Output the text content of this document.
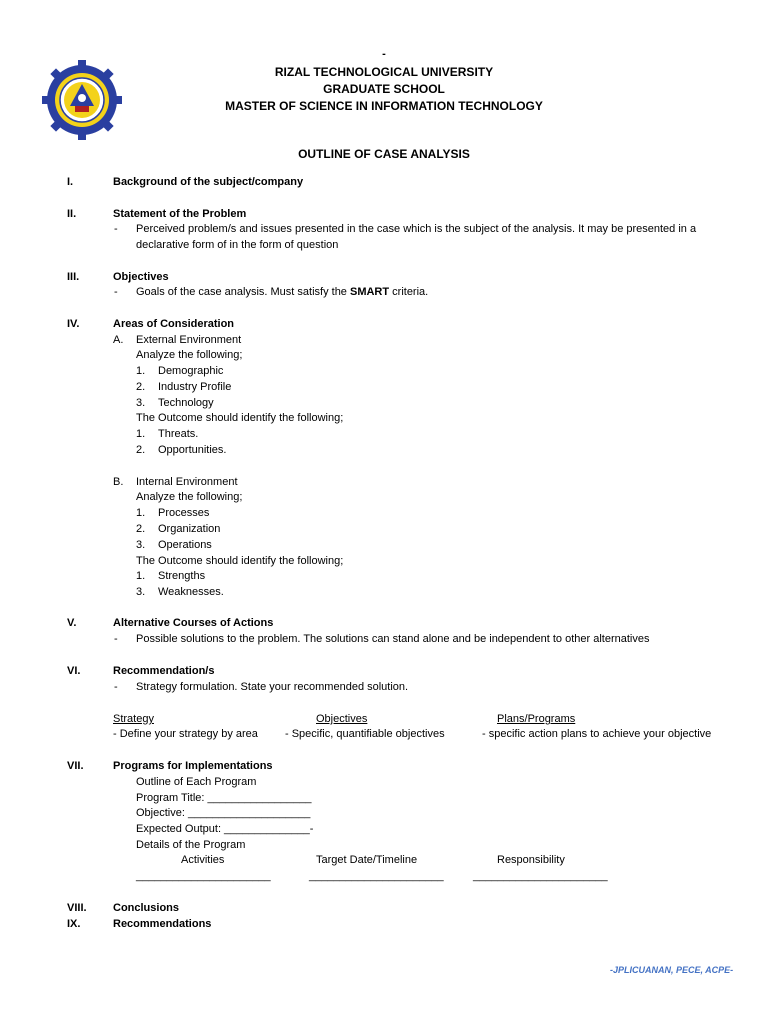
-
RIZAL TECHNOLOGICAL UNIVERSITY
GRADUATE SCHOOL
MASTER OF SCIENCE IN INFORMATION TECHNOLOGY
OUTLINE OF CASE ANALYSIS
I.	Background of the subject/company
II.	Statement of the Problem
- Perceived problem/s and issues presented in the case which is the subject of the analysis. It may be presented in a
declarative form of in the form of question
III.	Objectives
- Goals of the case analysis. Must satisfy the SMART criteria.
IV.	Areas of Consideration
A. External Environment
Analyze the following;
1. Demographic
2. Industry Profile
3. Technology
The Outcome should identify the following;
1. Threats.
2. Opportunities.
B. Internal Environment
Analyze the following;
1. Processes
2. Organization
3. Operations
The Outcome should identify the following;
1. Strengths
3. Weaknesses.
V.	Alternative Courses of Actions
- Possible solutions to the problem. The solutions can stand alone and be independent to other alternatives
VI.	Recommendation/s
- Strategy formulation. State your recommended solution.
Strategy	Objectives	Plans/Programs
- Define your strategy by area - Specific, quantifiable objectives	- specific action plans to achieve your objective
VII.	Programs for Implementations
Outline of Each Program
Program Title: _________________
Objective: ____________________
Expected Output: ______________-
Details of the Program
Activities	Target Date/Timeline	Responsibility
______________________	______________________	______________________
VIII. Conclusions
IX.	Recommendations
-JPLICUANAN, PECE, ACPE-
